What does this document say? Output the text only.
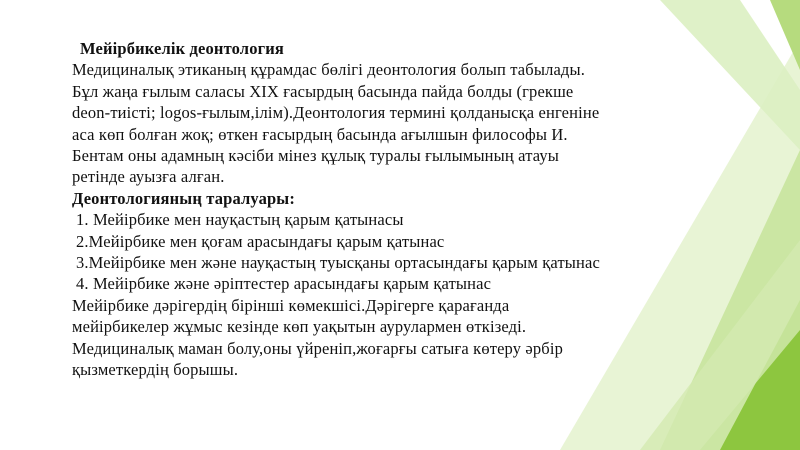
Мейірбикелік деонтология
Медициналық этиканың құрамдас бөлігі деонтология болып табылады.
Бұл жаңа ғылым саласы XIX ғасырдың басында пайда болды (грекше
deon-тиісті; logos-ғылым,ілім).Деонтология термині қолданысқа енгеніне
аса көп болған жоқ; өткен ғасырдың басында ағылшын философы И.
Бентам оны адамның кәсіби мінез құлық туралы ғылымының атауы
ретінде ауызға алған.
Деонтологияның таралуары:
1. Мейірбике мен науқастың қарым қатынасы
2.Мейірбике мен қоғам арасындағы қарым қатынас
3.Мейірбике мен және науқастың туысқаны ортасындағы қарым қатынас
4. Мейірбике және әріптестер арасындағы қарым қатынас
Мейірбике дәрігердің бірінші көмекшісі.Дәрігерге қарағанда
мейірбикелер жұмыс кезінде көп уақытын аурулармен өткізеді.
Медициналық маман болу,оны үйреніп,жоғарғы сатыға көтеру әрбір
қызметкердің борышы.
